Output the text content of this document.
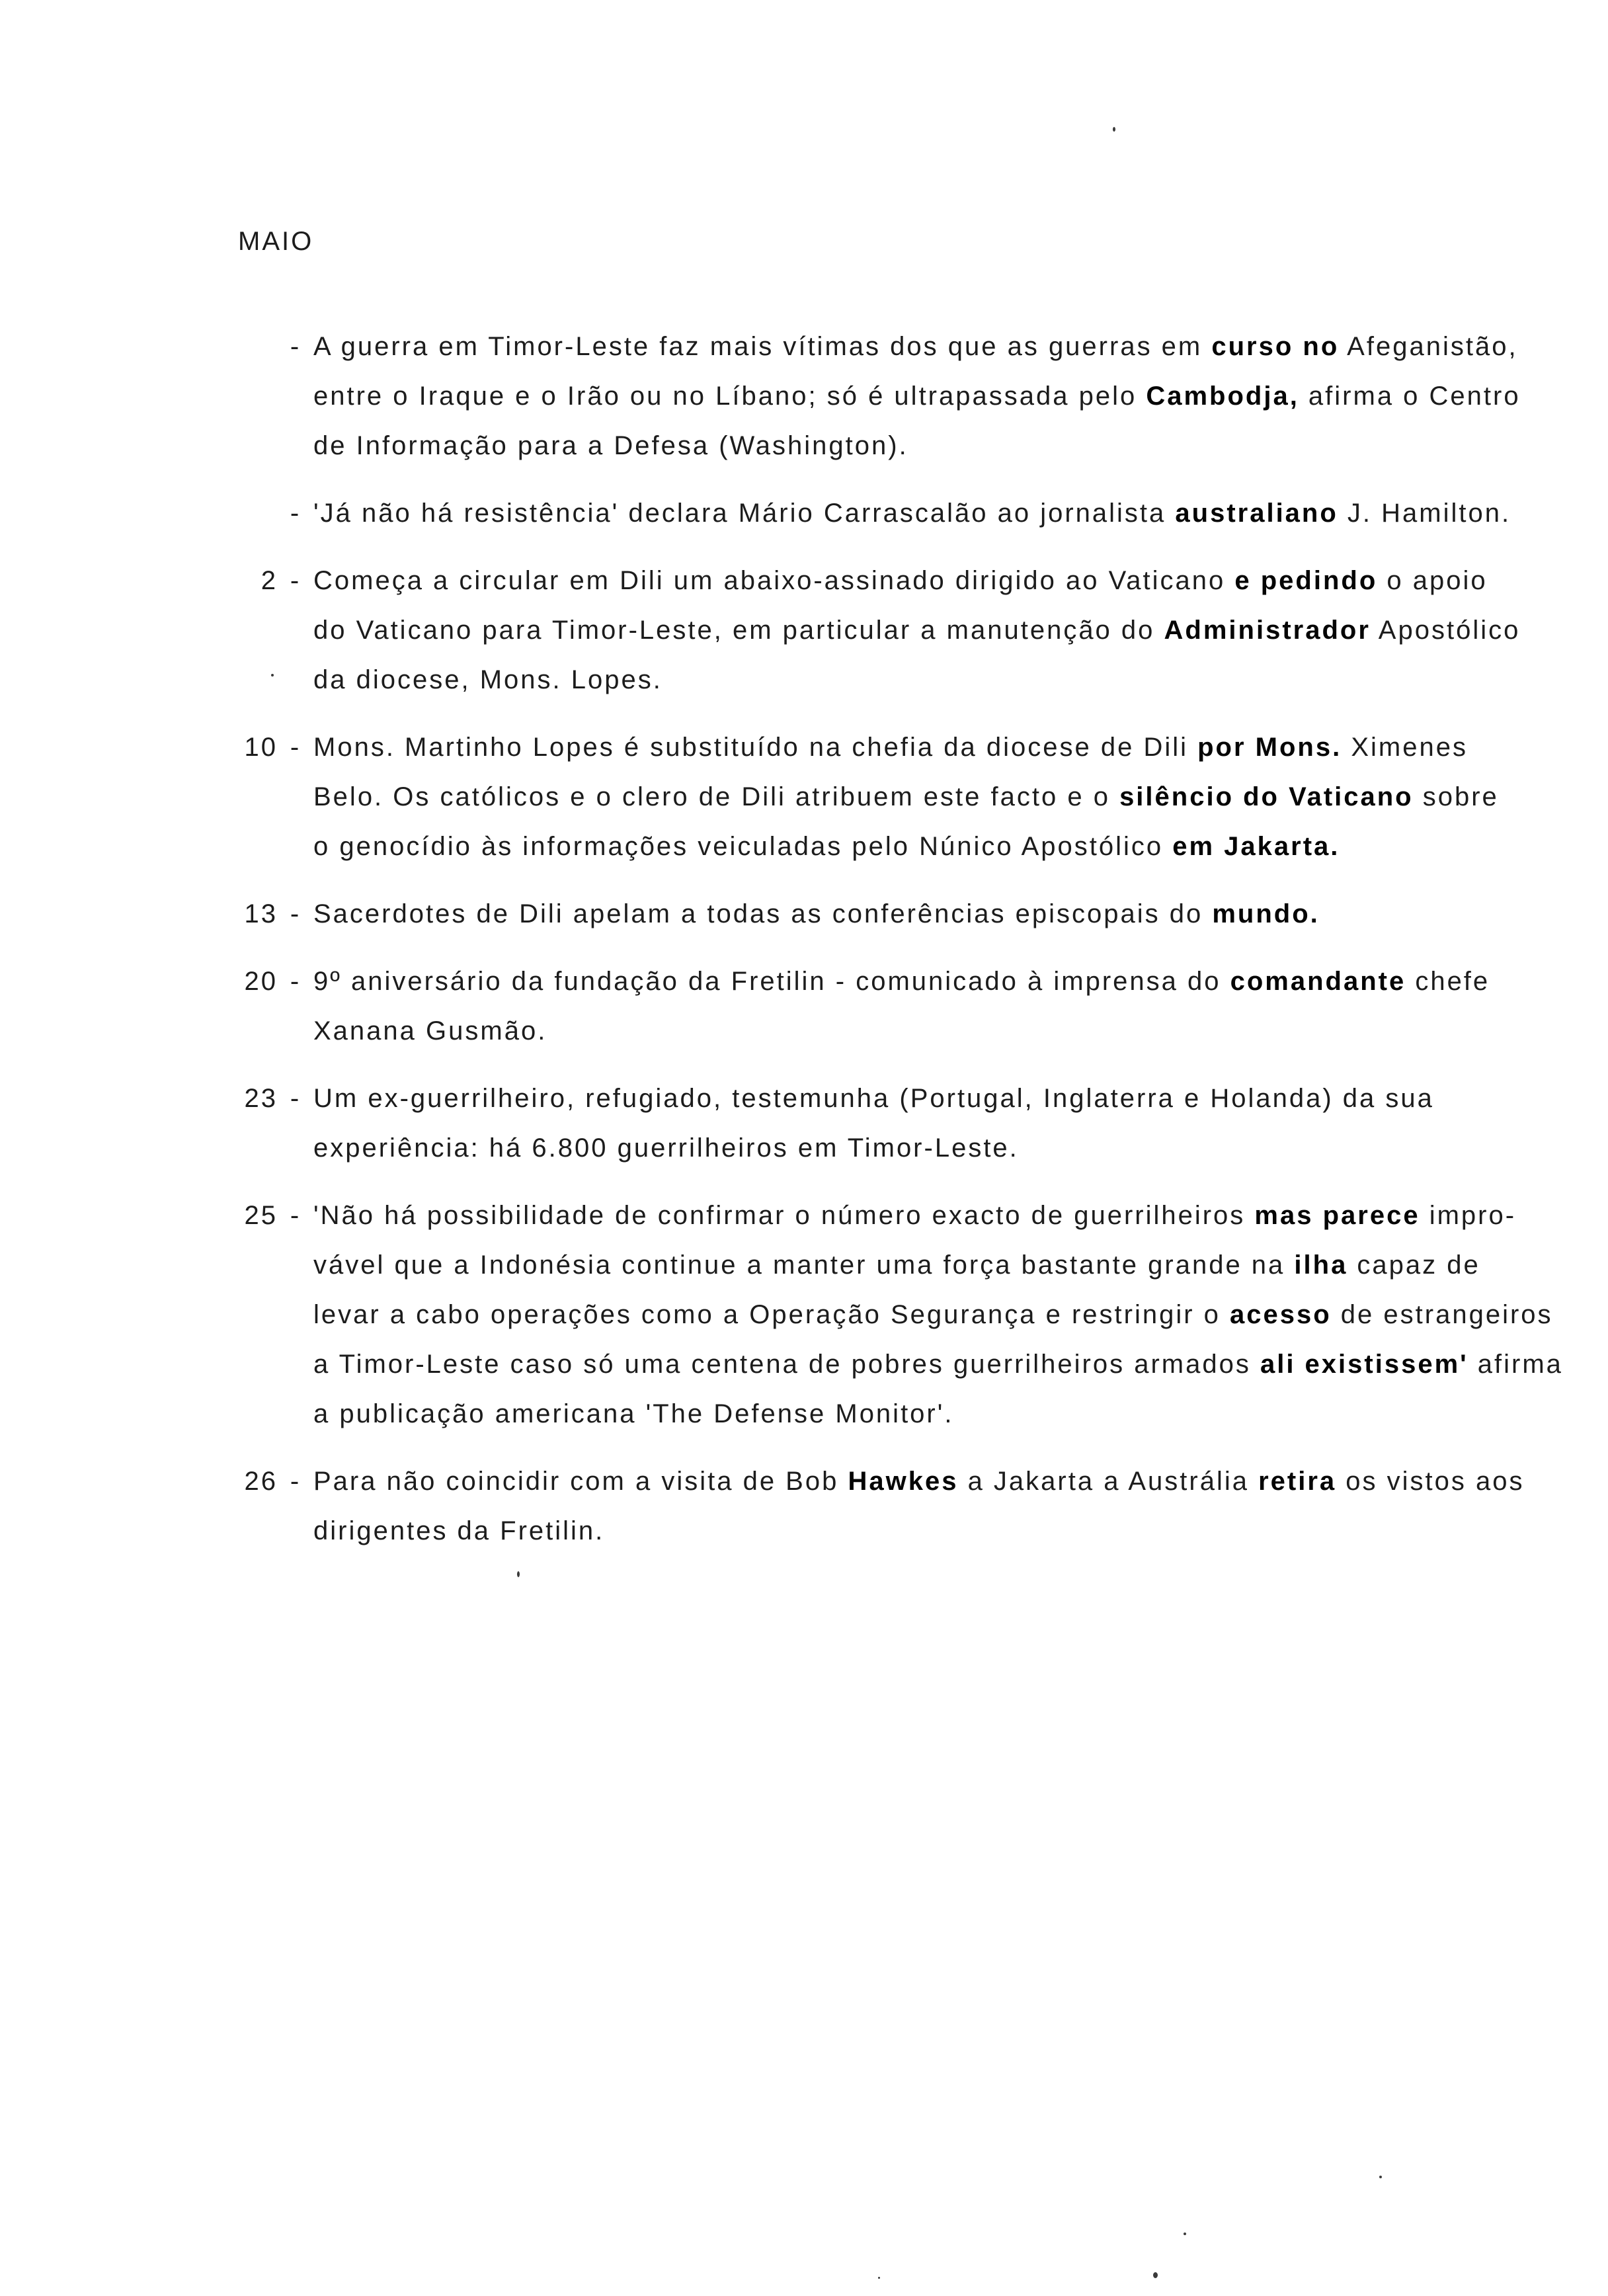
MAIO
- A guerra em Timor-Leste faz mais vítimas dos que as guerras em curso no Afeganistão,
entre o Iraque e o Irão ou no Líbano; só é ultrapassada pelo Cambodja, afirma o Centro
de Informação para a Defesa (Washington).
- 'Já não há resistência' declara Mário Carrascalão ao jornalista australiano J. Hamilton.
2 - Começa a circular em Dili um abaixo-assinado dirigido ao Vaticano e pedindo o apoio
do Vaticano para Timor-Leste, em particular a manutenção do Administrador Apostólico
da diocese, Mons. Lopes.
10 - Mons. Martinho Lopes é substituído na chefia da diocese de Dili por Mons. Ximenes
Belo. Os católicos e o clero de Dili atribuem este facto e o silêncio do Vaticano sobre
o genocídio às informações veiculadas pelo Núnico Apostólico em Jakarta.
13 - Sacerdotes de Dili apelam a todas as conferências episcopais do mundo.
20 - 9º aniversário da fundação da Fretilin - comunicado à imprensa do comandante chefe
Xanana Gusmão.
23 - Um ex-guerrilheiro, refugiado, testemunha (Portugal, Inglaterra e Holanda) da sua
experiência: há 6.800 guerrilheiros em Timor-Leste.
25 - 'Não há possibilidade de confirmar o número exacto de guerrilheiros mas parece impro-
vável que a Indonésia continue a manter uma força bastante grande na ilha capaz de
levar a cabo operações como a Operação Segurança e restringir o acesso de estrangeiros
a Timor-Leste caso só uma centena de pobres guerrilheiros armados ali existissem' afirma
a publicação americana 'The Defense Monitor'.
26 - Para não coincidir com a visita de Bob Hawkes a Jakarta a Austrália retira os vistos aos
dirigentes da Fretilin.
